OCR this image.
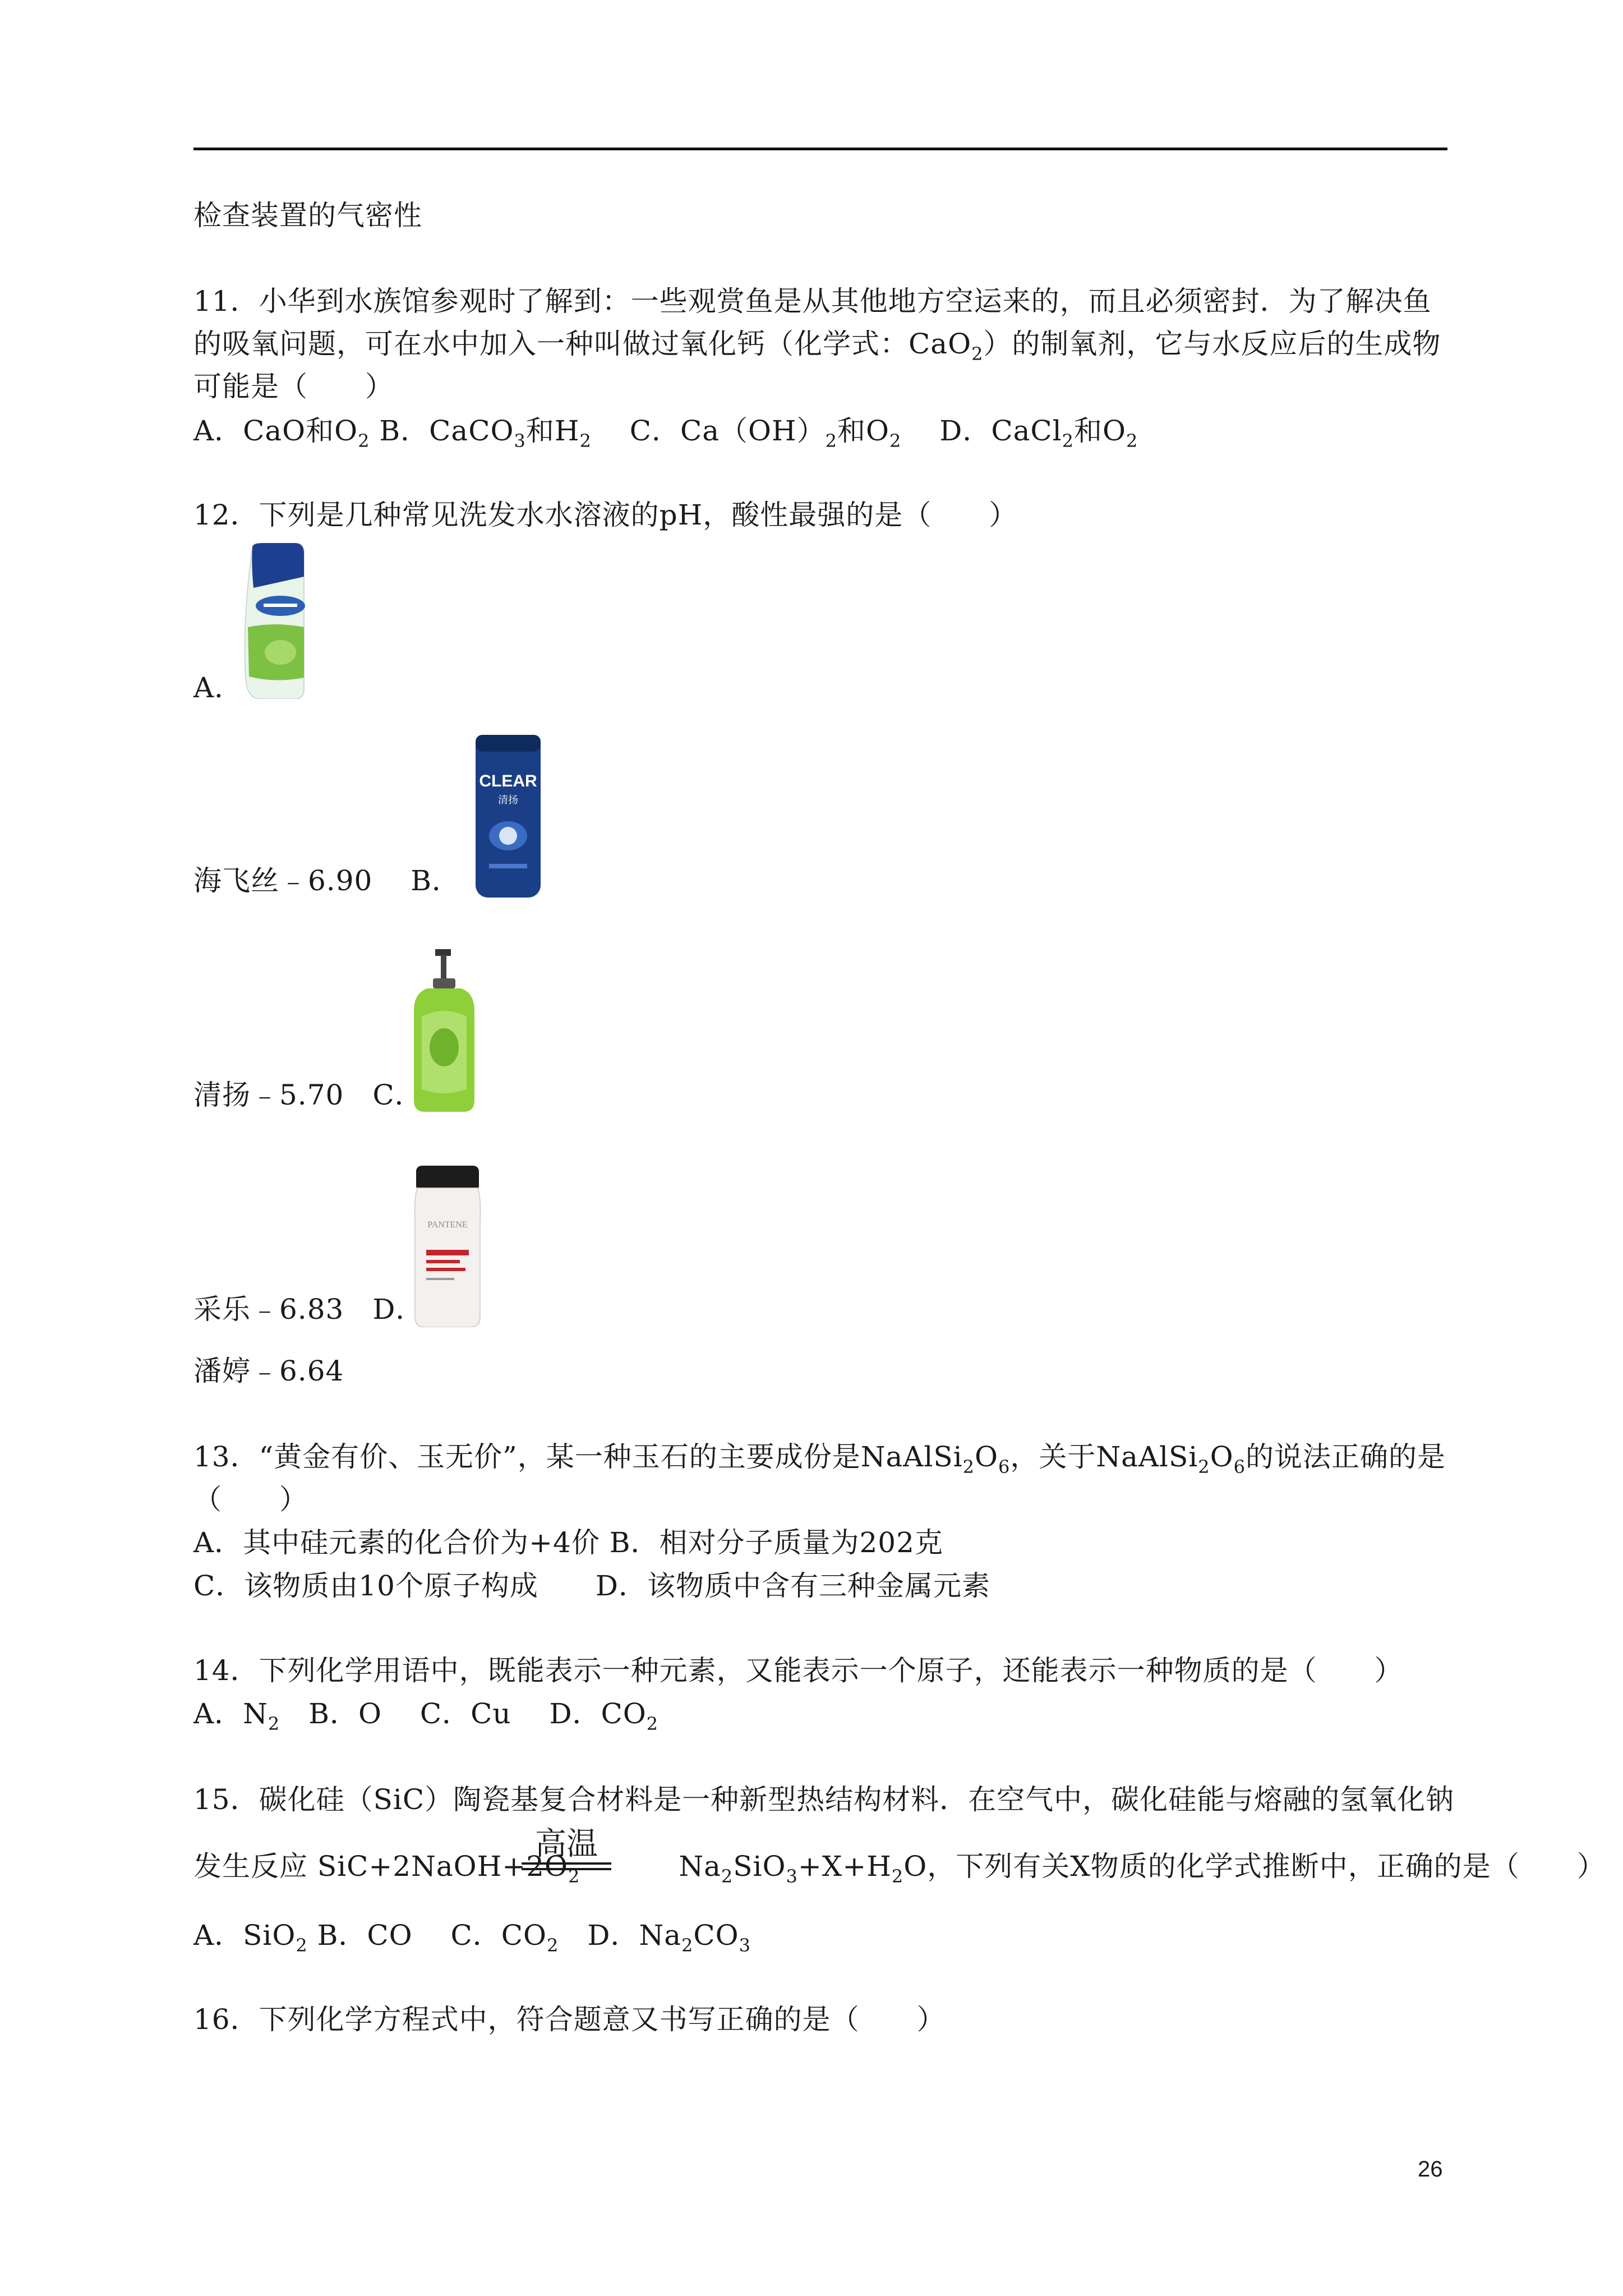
检查装置的气密性
11．小华到水族馆参观时了解到：一些观赏鱼是从其他地方空运来的，而且必须密封．为了解决鱼
的吸氧问题，可在水中加入一种叫做过氧化钙（化学式：CaO$_2$）的制氧剂，它与水反应后的生成物
可能是（　　）
A．CaO和$O_2$ B．CaCO$_3$和$H_2$　 C．$Ca(OH)_2$和$O_2$　 D．CaCl$_2$和$O_2$
12．下列是几种常见洗发水水溶液的pH，酸性最强的是（　　）
A．
CLEAR
清扬
海飞丝﹣6.90　 B．
清扬﹣5.70　C．
PANTENE
采乐﹣6.83　D．
潘婷﹣6.64
13．“黄金有价、玉无价”，某一种玉石的主要成份是$NaAlSi_2O_6$，关于$NaAlSi_2O_6$的说法正确的是
（　　）
A．其中硅元素的化合价为+4价 B．相对分子质量为202克
C．该物质由10个原子构成　　D．该物质中含有三种金属元素
14．下列化学用语中，既能表示一种元素，又能表示一个原子，还能表示一种物质的是（　　）
A．$N_2$　B．O　 C．Cu　 D．$CO_2$
15．碳化硅（SiC）陶瓷基复合材料是一种新型热结构材料．在空气中，碳化硅能与熔融的氢氧化钠
高温
发生反应 $SiC+2NaOH+2O_2$	$Na_2SiO_3+X+H_2O$，下列有关X物质的化学式推断中，正确的是（　　）
A．SiO$_2$ B．CO　 C．$CO_2$　D．$Na_2CO_3$
16．下列化学方程式中，符合题意又书写正确的是（　　）
26
